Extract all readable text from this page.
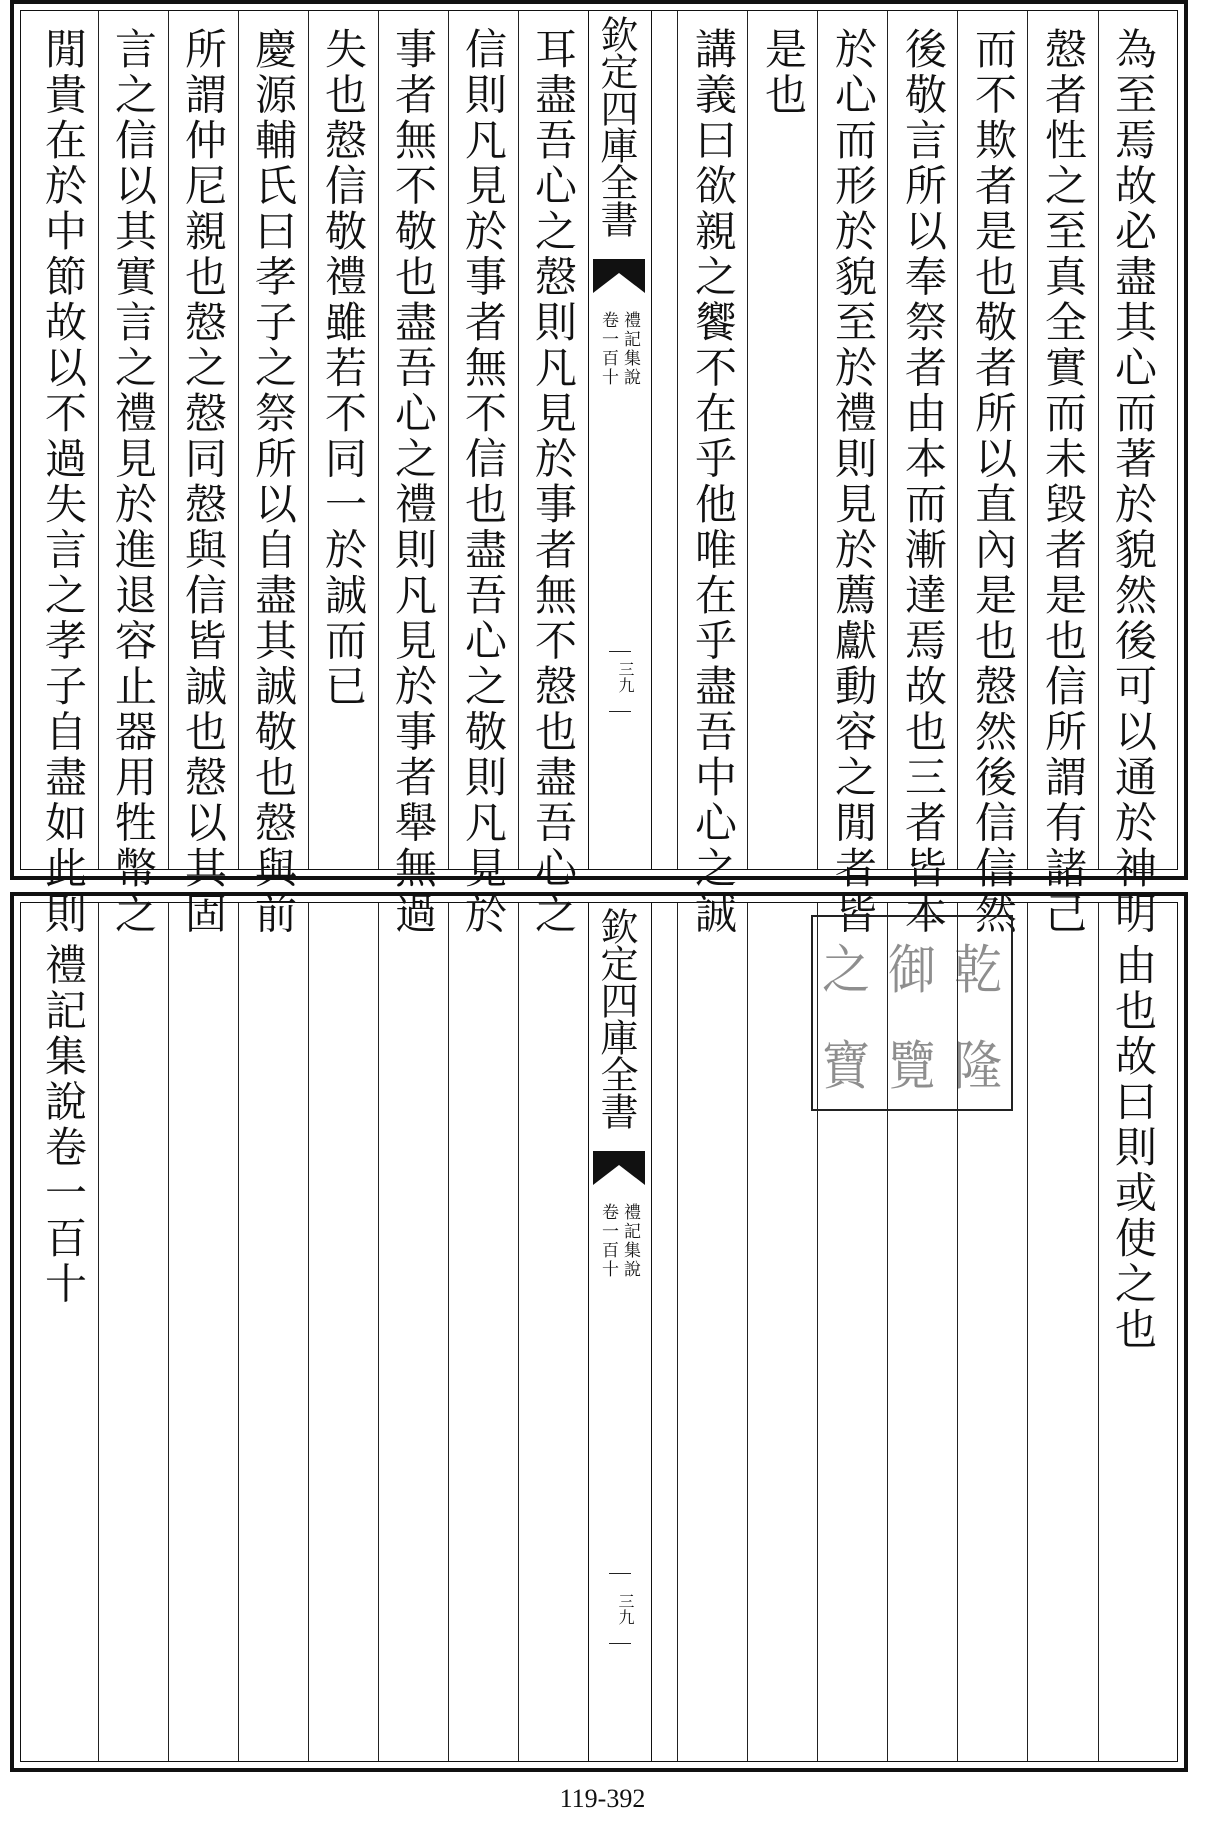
為至焉故必盡其心而著於貌然後可以通於神明
慤者性之至真全實而未毀者是也信所謂有諸己
而不欺者是也敬者所以直內是也慤然後信信然
後敬言所以奉祭者由本而漸達焉故也三者皆本
於心而形於貌至於禮則見於薦獻動容之閒者皆
是也
講義曰欲親之饗不在乎他唯在乎盡吾中心之誠
耳盡吾心之慤則凡見於事者無不慤也盡吾心之
信則凡見於事者無不信也盡吾心之敬則凡見於
事者無不敬也盡吾心之禮則凡見於事者舉無過
失也慤信敬禮雖若不同一於誠而已
慶源輔氏曰孝子之祭所以自盡其誠敬也慤與前
所謂仲尼親也慤之慤同慤與信皆誠也慤以其固
言之信以其實言之禮見於進退容止器用牲幣之
閒貴在於中節故以不過失言之孝子自盡如此則	欽定四庫全書
禮記集說
卷一百十
三九
由也故曰則或使之也
禮記集說卷一百十	之 御 乾
寶 覽 隆
欽定四庫全書
禮記集說
卷一百十
三九
119-392
